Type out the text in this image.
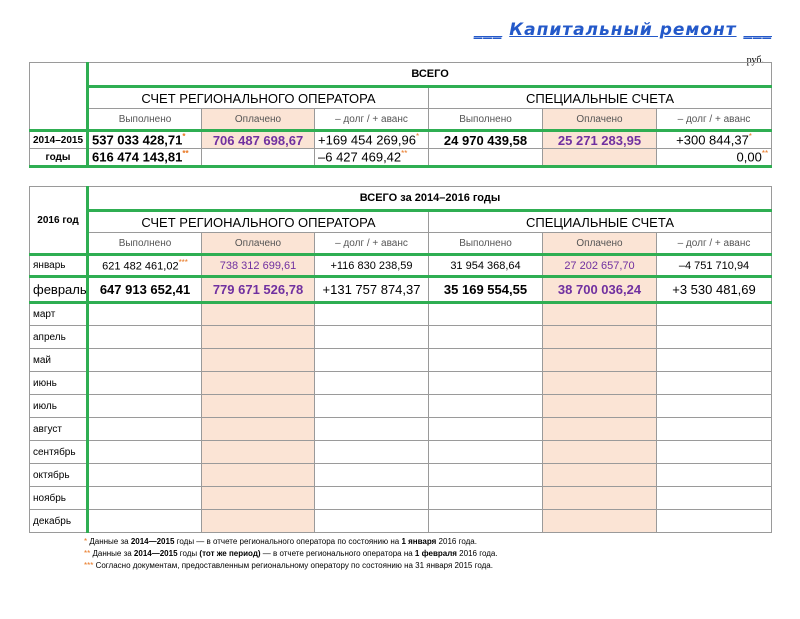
___ Капитальный ремонт ___
руб.
	ВСЕГО					
	СЧЕТ РЕГИОНАЛЬНОГО ОПЕРАТОРА			СПЕЦИАЛЬНЫЕ СЧЕТА		
	Выполнено	Оплачено	– долг / + аванс	Выполнено	Оплачено	– долг / + аванс
2014–2015	537 033 428,71*	706 487 698,67	+169 454 269,96*	24 970 439,58	25 271 283,95	+300 844,37*
годы	616 474 143,81**		–6 427 469,42**			0,00**
2016 год	ВСЕГО за 2014–2016 годы					
	СЧЕТ РЕГИОНАЛЬНОГО ОПЕРАТОРА			СПЕЦИАЛЬНЫЕ СЧЕТА		
	Выполнено	Оплачено	– долг / + аванс	Выполнено	Оплачено	– долг / + аванс
январь	621 482 461,02***	738 312 699,61	+116 830 238,59	31 954 368,64	27 202 657,70	–4 751 710,94
февраль	647 913 652,41	779 671 526,78	+131 757 874,37	35 169 554,55	38 700 036,24	+3 530 481,69
март						
апрель						
май						
июнь						
июль						
август						
сентябрь						
октябрь						
ноябрь						
декабрь						
* Данные за 2014—2015 годы — в отчете регионального оператора по состоянию на 1 января 2016 года.
** Данные за 2014—2015 годы (тот же период) — в отчете регионального оператора на 1 февраля 2016 года.
*** Согласно документам, предоставленным региональному оператору по состоянию на 31 января 2015 года.
